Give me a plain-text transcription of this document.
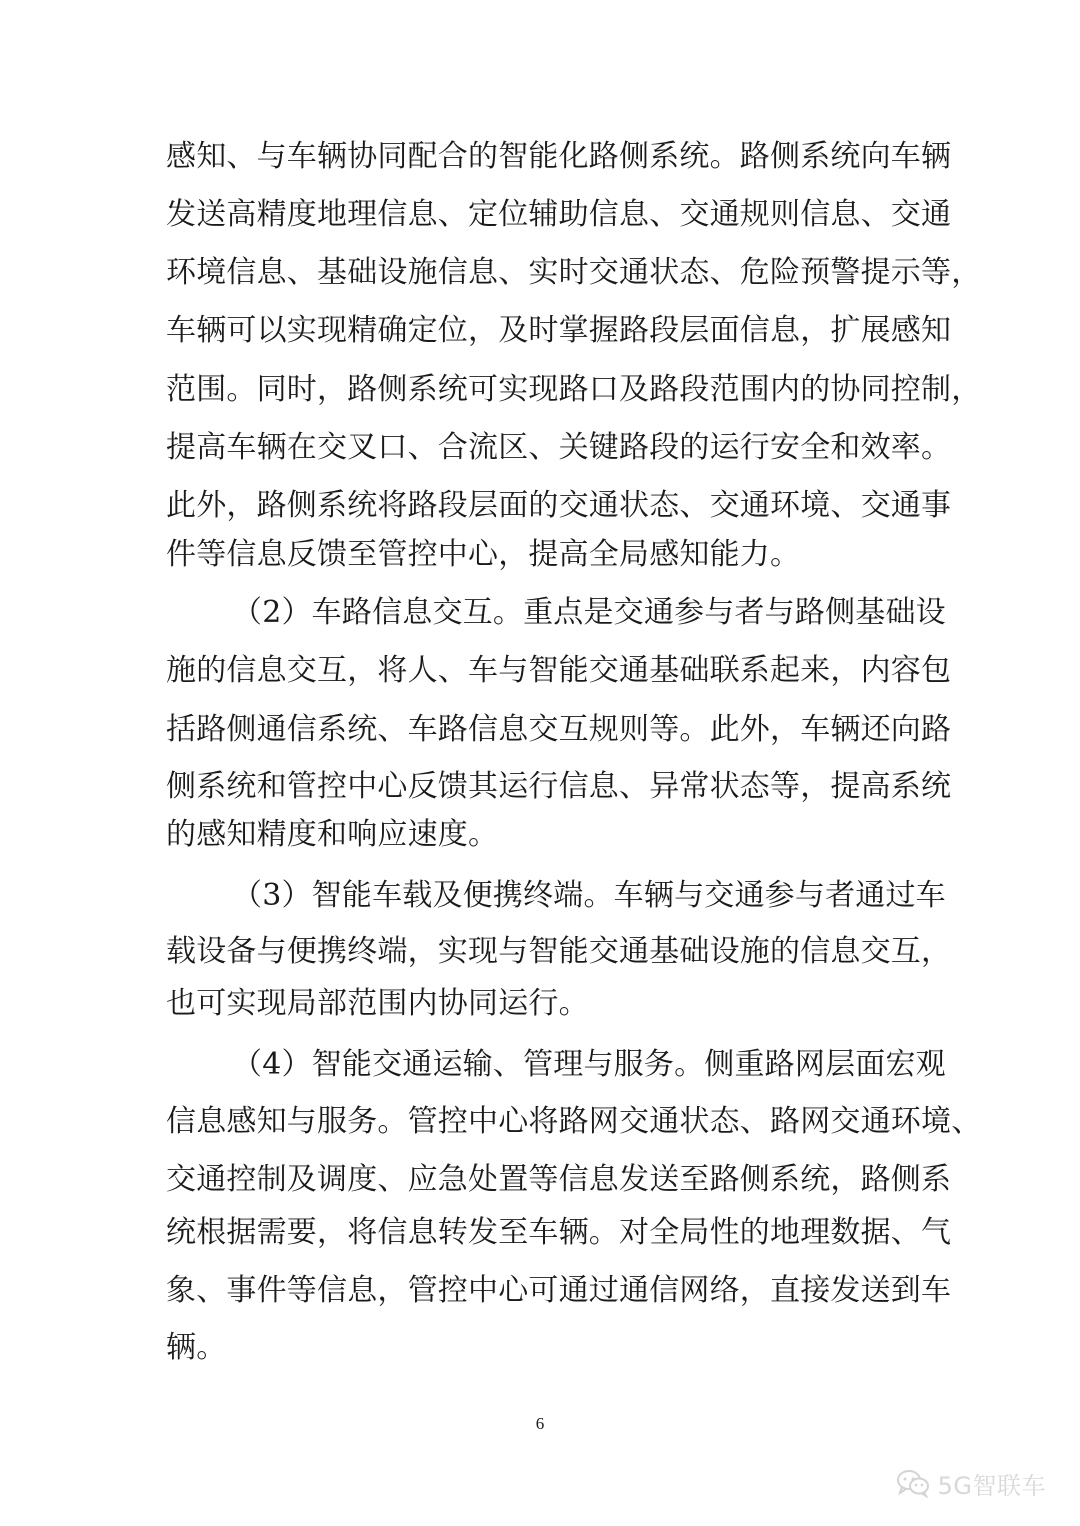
感知、与车辆协同配合的智能化路侧系统。路侧系统向车辆
发送高精度地理信息、定位辅助信息、交通规则信息、交通
环境信息、基础设施信息、实时交通状态、危险预警提示等，
车辆可以实现精确定位，及时掌握路段层面信息，扩展感知
范围。同时，路侧系统可实现路口及路段范围内的协同控制，
提高车辆在交叉口、合流区、关键路段的运行安全和效率。
此外，路侧系统将路段层面的交通状态、交通环境、交通事
件等信息反馈至管控中心，提高全局感知能力。
（2）车路信息交互。重点是交通参与者与路侧基础设
施的信息交互，将人、车与智能交通基础联系起来，内容包
括路侧通信系统、车路信息交互规则等。此外，车辆还向路
侧系统和管控中心反馈其运行信息、异常状态等，提高系统
的感知精度和响应速度。
（3）智能车载及便携终端。车辆与交通参与者通过车
载设备与便携终端，实现与智能交通基础设施的信息交互，
也可实现局部范围内协同运行。
（4）智能交通运输、管理与服务。侧重路网层面宏观
信息感知与服务。管控中心将路网交通状态、路网交通环境、
交通控制及调度、应急处置等信息发送至路侧系统，路侧系
统根据需要，将信息转发至车辆。对全局性的地理数据、气
象、事件等信息，管控中心可通过通信网络，直接发送到车
辆。
6
5G智联车
